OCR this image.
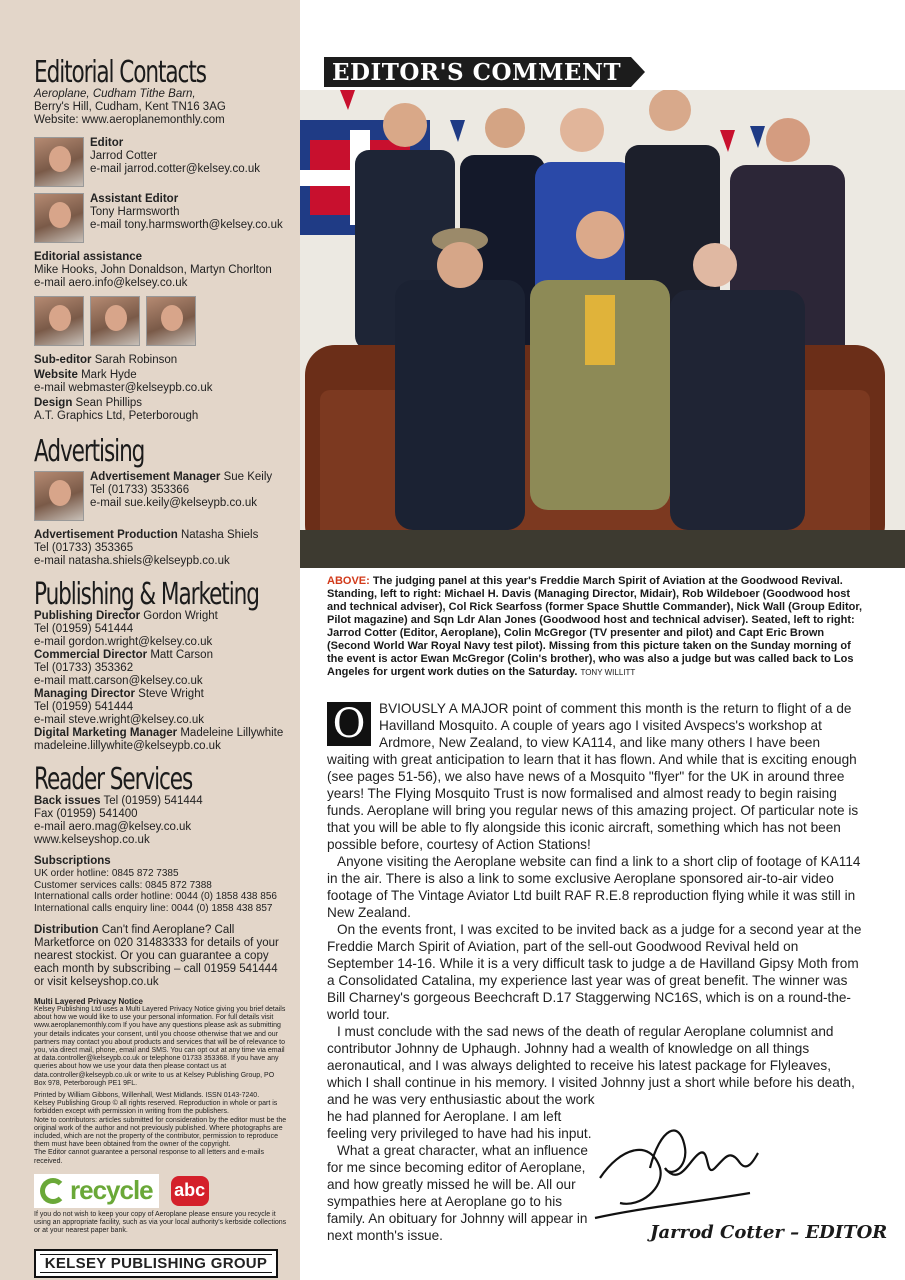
Editorial Contacts
Aeroplane, Cudham Tithe Barn,
Berry's Hill, Cudham, Kent TN16 3AG
Website: www.aeroplanemonthly.com
Editor
Jarrod Cotter
e-mail jarrod.cotter@kelsey.co.uk
Assistant Editor
Tony Harmsworth
e-mail tony.harmsworth@kelsey.co.uk
Editorial assistance
Mike Hooks, John Donaldson, Martyn Chorlton
e-mail aero.info@kelsey.co.uk
Sub-editor Sarah Robinson
Website Mark Hyde
e-mail webmaster@kelseypb.co.uk
Design Sean Phillips
A.T. Graphics Ltd, Peterborough
Advertising
Advertisement Manager Sue Keily
Tel (01733) 353366
e-mail sue.keily@kelseypb.co.uk
Advertisement Production Natasha Shiels
Tel (01733) 353365
e-mail natasha.shiels@kelseypb.co.uk
Publishing & Marketing
Publishing Director Gordon Wright
Tel (01959) 541444
e-mail gordon.wright@kelsey.co.uk
Commercial Director Matt Carson
Tel (01733) 353362
e-mail matt.carson@kelsey.co.uk
Managing Director Steve Wright
Tel (01959) 541444
e-mail steve.wright@kelsey.co.uk
Digital Marketing Manager Madeleine Lillywhite
madeleine.lillywhite@kelseypb.co.uk
Reader Services
Back issues Tel (01959) 541444
Fax (01959) 541400
e-mail aero.mag@kelsey.co.uk
www.kelseyshop.co.uk
Subscriptions
UK order hotline: 0845 872 7385
Customer services calls: 0845 872 7388
International calls order hotline: 0044 (0) 1858 438 856
International calls enquiry line: 0044 (0) 1858 438 857
Distribution Can't find Aeroplane? Call Marketforce on 020 31483333 for details of your nearest stockist. Or you can guarantee a copy each month by subscribing – call 01959 541444 or visit kelseyshop.co.uk
Multi Layered Privacy Notice
Kelsey Publishing Ltd uses a Multi Layered Privacy Notice giving you brief details about how we would like to use your personal information. For full details visit www.aeroplanemonthly.com If you have any questions please ask as submitting your details indicates your consent, until you choose otherwise that we and our partners may contact you about products and services that will be of relevance to you, via direct mail, phone, email and SMS. You can opt out at any time via email at data.controller@kelseypb.co.uk or telephone 01733 353368. If you have any queries about how we use your data then please contact us at data.controller@kelseypb.co.uk or write to us at Kelsey Publishing Group, PO Box 978, Peterborough PE1 9FL.
Printed by William Gibbons, Willenhall, West Midlands. ISSN 0143-7240.
Kelsey Publishing Group © all rights reserved. Reproduction in whole or part is forbidden except with permission in writing from the publishers.
Note to contributors: articles submitted for consideration by the editor must be the original work of the author and not previously published. Where photographs are included, which are not the property of the contributor, permission to reproduce them must have been obtained from the owner of the copyright.
The Editor cannot guarantee a personal response to all letters and e-mails received.
recycle abc
If you do not wish to keep your copy of Aeroplane please ensure you recycle it using an appropriate facility, such as via your local authority's kerbside collections or at your nearest paper bank.
KELSEY PUBLISHING GROUP
EDITOR'S COMMENT
ABOVE: The judging panel at this year's Freddie March Spirit of Aviation at the Goodwood Revival. Standing, left to right: Michael H. Davis (Managing Director, Midair), Rob Wildeboer (Goodwood host and technical adviser), Col Rick Searfoss (former Space Shuttle Commander), Nick Wall (Group Editor, Pilot magazine) and Sqn Ldr Alan Jones (Goodwood host and technical adviser). Seated, left to right: Jarrod Cotter (Editor, Aeroplane), Colin McGregor (TV presenter and pilot) and Capt Eric Brown (Second World War Royal Navy test pilot). Missing from this picture taken on the Sunday morning of the event is actor Ewan McGregor (Colin's brother), who was also a judge but was called back to Los Angeles for urgent work duties on the Saturday. TONY WILLITT

O	BVIOUSLY A MAJOR point of comment this month is the return to flight of a de Havilland Mosquito. A couple of years ago I visited Avspecs's workshop at Ardmore, New Zealand, to view KA114, and like many others I have been waiting with great anticipation to learn that it has flown. And while that is exciting enough (see pages 51-56), we also have news of a Mosquito "flyer" for the UK in around three years! The Flying Mosquito Trust is now formalised and almost ready to begin raising funds. Aeroplane will bring you regular news of this amazing project. Of particular note is that you will be able to fly alongside this iconic aircraft, something which has not been possible before, courtesy of Action Stations!

Anyone visiting the Aeroplane website can find a link to a short clip of footage of KA114 in the air. There is also a link to some exclusive Aeroplane sponsored air-to-air video footage of The Vintage Aviator Ltd built RAF R.E.8 reproduction flying while it was still in New Zealand.

On the events front, I was excited to be invited back as a judge for a second year at the Freddie March Spirit of Aviation, part of the sell-out Goodwood Revival held on September 14-16. While it is a very difficult task to judge a de Havilland Gipsy Moth from a Consolidated Catalina, my experience last year was of great benefit. The winner was Bill Charney's gorgeous Beechcraft D.17 Staggerwing NC16S, which is on a round-the-world tour.

I must conclude with the sad news of the death of regular Aeroplane columnist and contributor Johnny de Uphaugh. Johnny had a wealth of knowledge on all things aeronautical, and I was always delighted to receive his latest package for Flyleaves, which I shall continue in his memory. I visited Johnny just a short while before his death, and he was very enthusiastic about the work

he had planned for Aeroplane. I am left feeling very privileged to have had his input.

What a great character, what an influence for me since becoming editor of Aeroplane, and how greatly missed he will be. All our sympathies here at Aeroplane go to his family. An obituary for Johnny will appear in next month's issue.	Jarrod Cotter – EDITOR
